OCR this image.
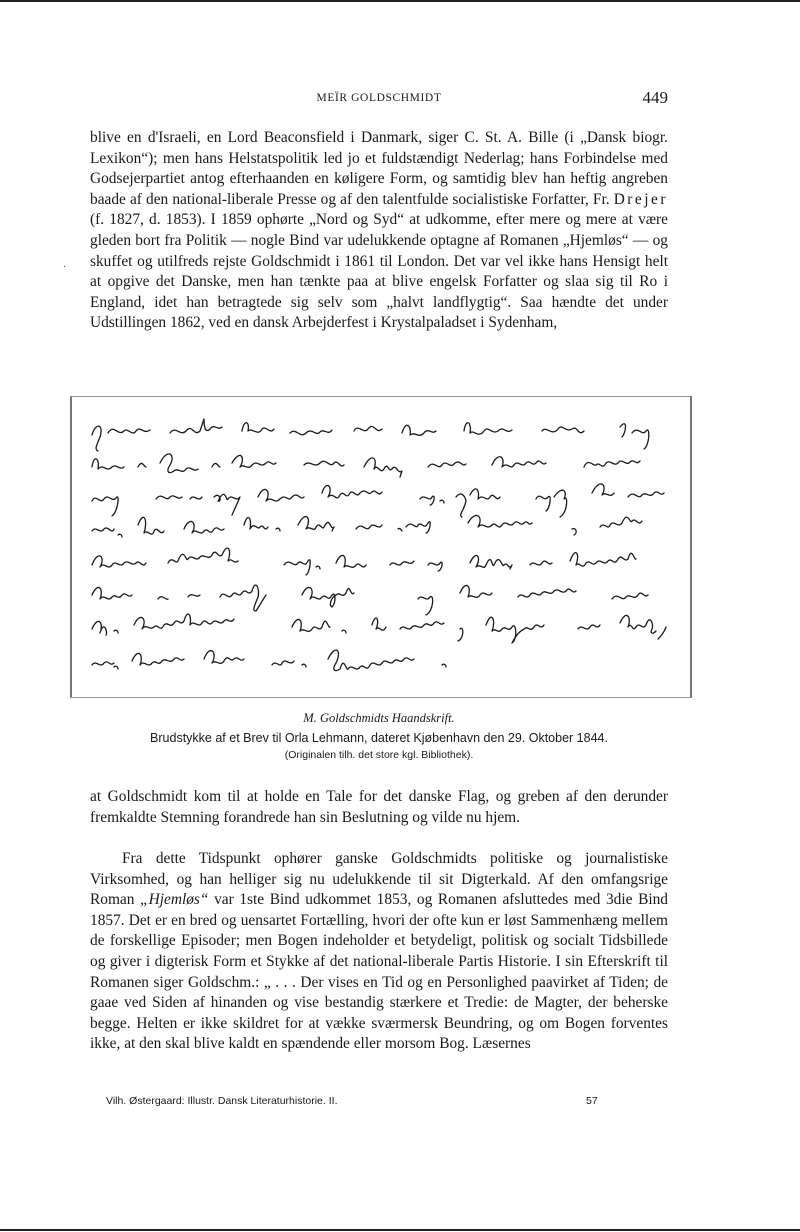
MEÏR GOLDSCHMIDT	449

blive en d'Israeli, en Lord Beaconsfield i Danmark, siger C. St. A. Bille (i „Dansk biogr. Lexikon“); men hans Helstatspolitik led jo et fuldstændigt Nederlag; hans Forbindelse med Godsejerpartiet antog efterhaanden en køligere Form, og samtidig blev han heftig angreben baade af den national-liberale Presse og af den talentfulde socialistiske Forfatter, Fr. Drejer (f. 1827, d. 1853). I 1859 ophørte „Nord og Syd“ at udkomme, efter mere og mere at være gleden bort fra Politik — nogle Bind var udelukkende optagne af Romanen „Hjemløs“ — og skuffet og utilfreds rejste Goldschmidt i 1861 til London. Det var vel ikke hans Hensigt helt at opgive det Danske, men han tænkte paa at blive engelsk Forfatter og slaa sig til Ro i England, idet han betragtede sig selv som „halvt landflygtig“. Saa hændte det under Udstillingen 1862, ved en dansk Arbejderfest i Krystalpaladset i Sydenham,

·
M. Goldschmidts Haandskrift.
Brudstykke af et Brev til Orla Lehmann, dateret Kjøbenhavn den 29. Oktober 1844.
(Originalen tilh. det store kgl. Bibliothek).

at Goldschmidt kom til at holde en Tale for det danske Flag, og greben af den derunder fremkaldte Stemning forandrede han sin Beslutning og vilde nu hjem.

Fra dette Tidspunkt ophører ganske Goldschmidts politiske og journalistiske Virksomhed, og han helliger sig nu udelukkende til sit Digterkald. Af den omfangsrige Roman „Hjemløs“ var 1ste Bind udkommet 1853, og Romanen afsluttedes med 3die Bind 1857. Det er en bred og uensartet Fortælling, hvori der ofte kun er løst Sammenhæng mellem de forskellige Episoder; men Bogen indeholder et betydeligt, politisk og socialt Tidsbillede og giver i digterisk Form et Stykke af det national-liberale Partis Historie. I sin Efterskrift til Romanen siger Goldschm.: „ . . . Der vises en Tid og en Personlighed paavirket af Tiden; de gaae ved Siden af hinanden og vise bestandig stærkere et Tredie: de Magter, der beherske begge. Helten er ikke skildret for at vække sværmersk Beundring, og om Bogen forventes ikke, at den skal blive kaldt en spændende eller morsom Bog. Læsernes

Vilh. Østergaard: Illustr. Dansk Literaturhistorie. II.	57
